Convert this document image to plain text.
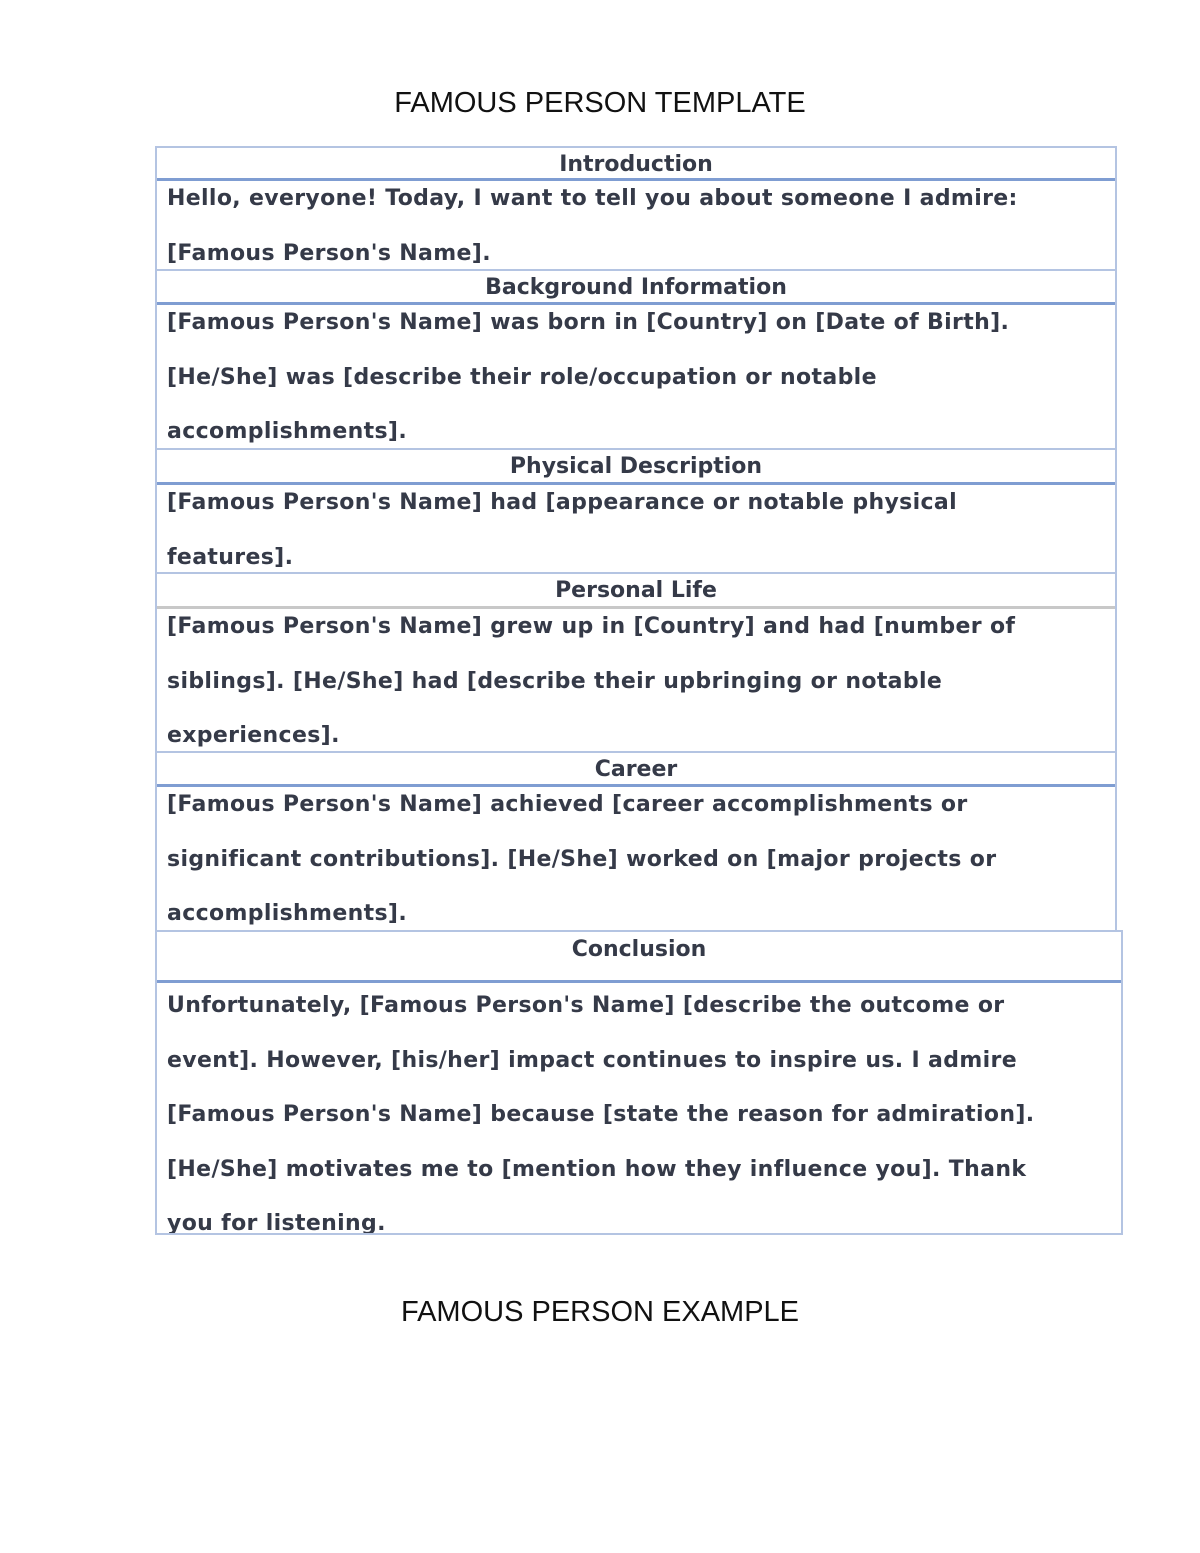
FAMOUS PERSON TEMPLATE
Introduction
Hello, everyone! Today, I want to tell you about someone I admire:
[Famous Person's Name].
Background Information
[Famous Person's Name] was born in [Country] on [Date of Birth].
[He/She] was [describe their role/occupation or notable
accomplishments].
Physical Description
[Famous Person's Name] had [appearance or notable physical
features].
Personal Life
[Famous Person's Name] grew up in [Country] and had [number of
siblings]. [He/She] had [describe their upbringing or notable
experiences].
Career
[Famous Person's Name] achieved [career accomplishments or
significant contributions]. [He/She] worked on [major projects or
accomplishments].
Conclusion
Unfortunately, [Famous Person's Name] [describe the outcome or
event]. However, [his/her] impact continues to inspire us. I admire
[Famous Person's Name] because [state the reason for admiration].
[He/She] motivates me to [mention how they influence you]. Thank
you for listening.
FAMOUS PERSON EXAMPLE
